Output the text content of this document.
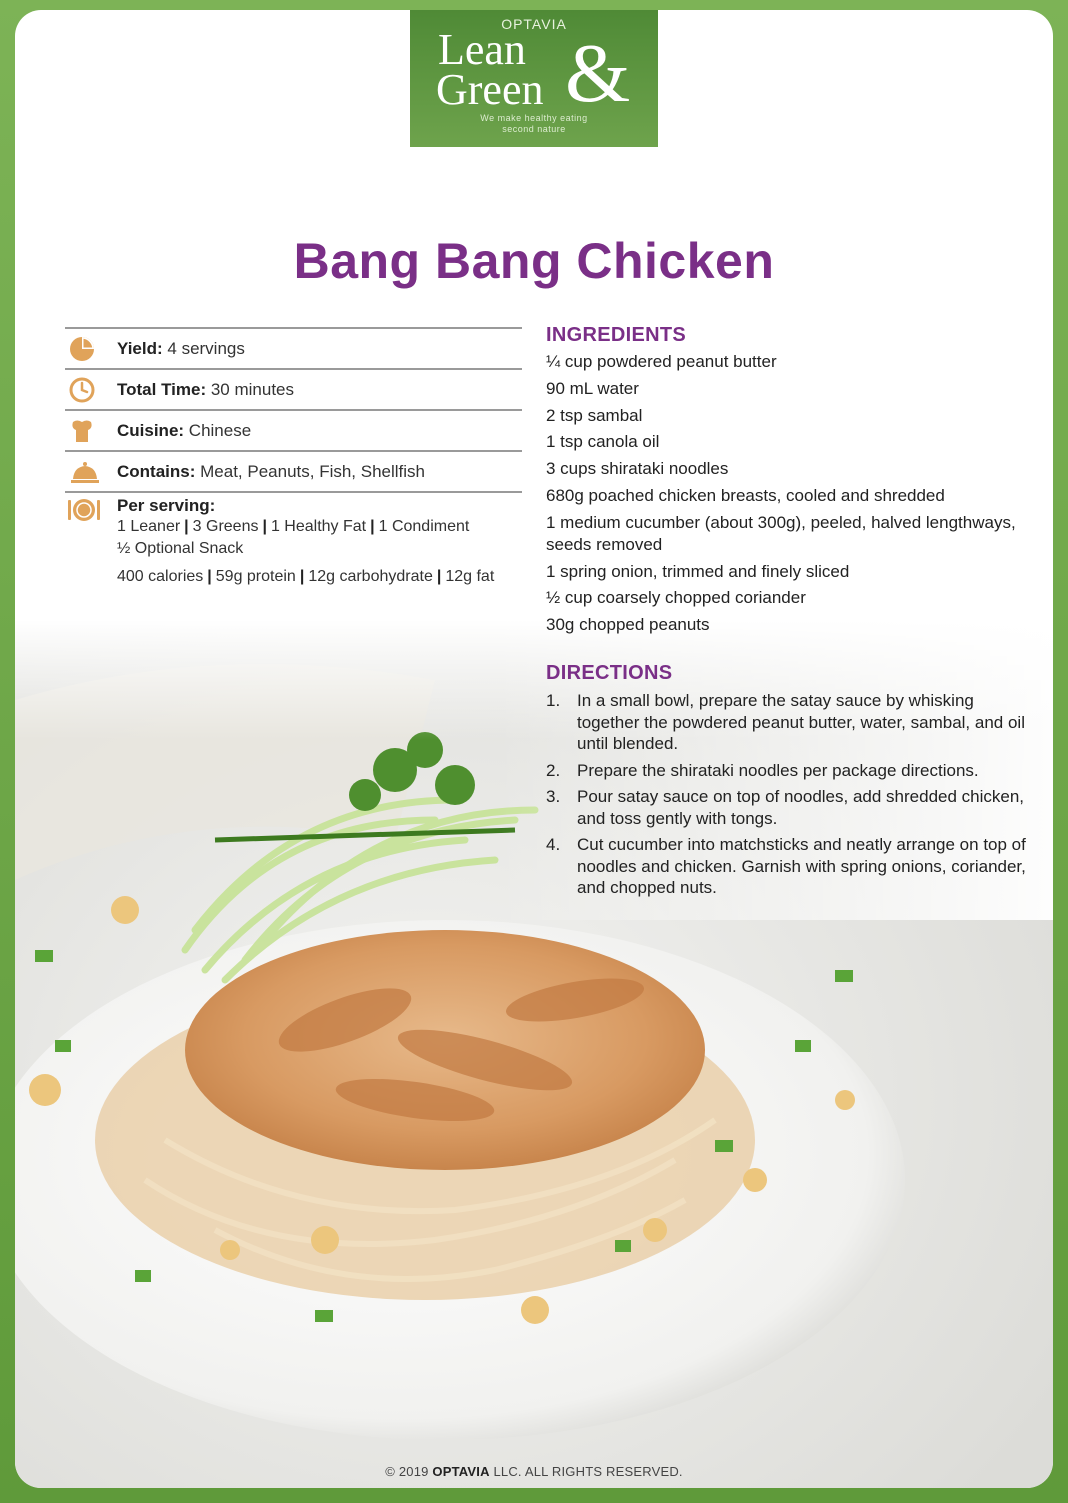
OPTAVIA
Lean
Green &
We make healthy eating
second nature
Bang Bang Chicken
Yield: 4 servings
Total Time: 30 minutes
Cuisine: Chinese
Contains: Meat, Peanuts, Fish, Shellfish
Per serving:
1 Leaner | 3 Greens | 1 Healthy Fat | 1 Condiment
½ Optional Snack
400 calories | 59g protein | 12g carbohydrate | 12g fat
INGREDIENTS
¼ cup powdered peanut butter
90 mL water
2 tsp sambal
1 tsp canola oil
3 cups shirataki noodles
680g poached chicken breasts, cooled and shredded
1 medium cucumber (about 300g), peeled, halved lengthways, seeds removed
1 spring onion, trimmed and finely sliced
½ cup coarsely chopped coriander
30g chopped peanuts
DIRECTIONS
1. In a small bowl, prepare the satay sauce by whisking together the powdered peanut butter, water, sambal, and oil until blended.
2. Prepare the shirataki noodles per package directions.
3. Pour satay sauce on top of noodles, add shredded chicken, and toss gently with tongs.
4. Cut cucumber into matchsticks and neatly arrange on top of noodles and chicken. Garnish with spring onions, coriander, and chopped nuts.
© 2019 OPTAVIA LLC. ALL RIGHTS RESERVED.
